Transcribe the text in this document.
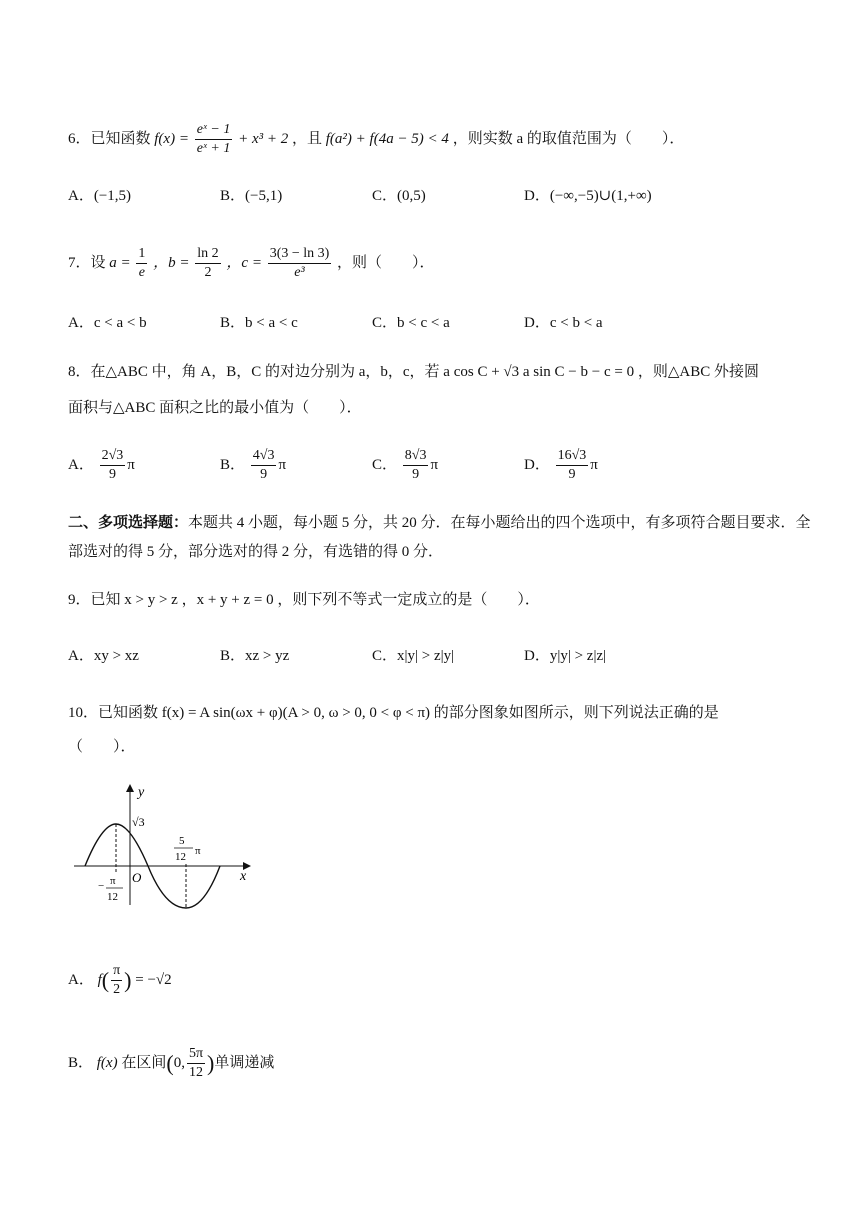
6．已知函数 $f(x) = \frac{\text{eˣ − 1}}{\text{eˣ + 1}} + x^3 + 2$ ，且 f(a²) + f(4a − 5) < 4 ，则实数 a 的取值范围为（　　）．
A．(−1,5)	B．(−5,1)	C．(0,5)	D．(−∞,−5)∪(1,+∞)
7．设 $a = \frac{1}{e}$ ，$b = \frac{\ln 2}{2}$ ，$c = \frac{3(3 - \ln 3)}{\text{e³}}$ ，则（　　）．
A．c < a < b	B．b < a < c	C．b < c < a	D．c < b < a
8．在△ABC 中，角 A，B，C 的对边分别为 a，b，c，若 a cos C + √3 a sin C − b − c = 0 ，则△ABC 外接圆
面积与△ABC 面积之比的最小值为（　　）．
A． $\frac{2√3}{9}$ π	B． $\frac{4√3}{9}$ π	C． $\frac{8√3}{9}$ π	D． $\frac{16√3}{9}$ π
二、多项选择题：本题共 4 小题，每小题 5 分，共 20 分．在每小题给出的四个选项中，有多项符合题目要求．全
部选对的得 5 分，部分选对的得 2 分，有选错的得 0 分．
9．已知 x > y > z ，x + y + z = 0 ，则下列不等式一定成立的是（　　）．
A．xy > xz	B．xz > yz	C．x|y| > z|y|	D．y|y| > z|z|
10．已知函数 f(x) = A sin(ωx + φ)(A > 0, ω > 0, 0 < φ < π) 的部分图象如图所示，则下列说法正确的是
（　　）．
y
x
O
√3
5
12 π
− π
12
A． $f( \frac{\pi}{2}$ ) = −√2
B． f(x) 在区间(0, $\frac{5\pi}{12}$ )单调递减
